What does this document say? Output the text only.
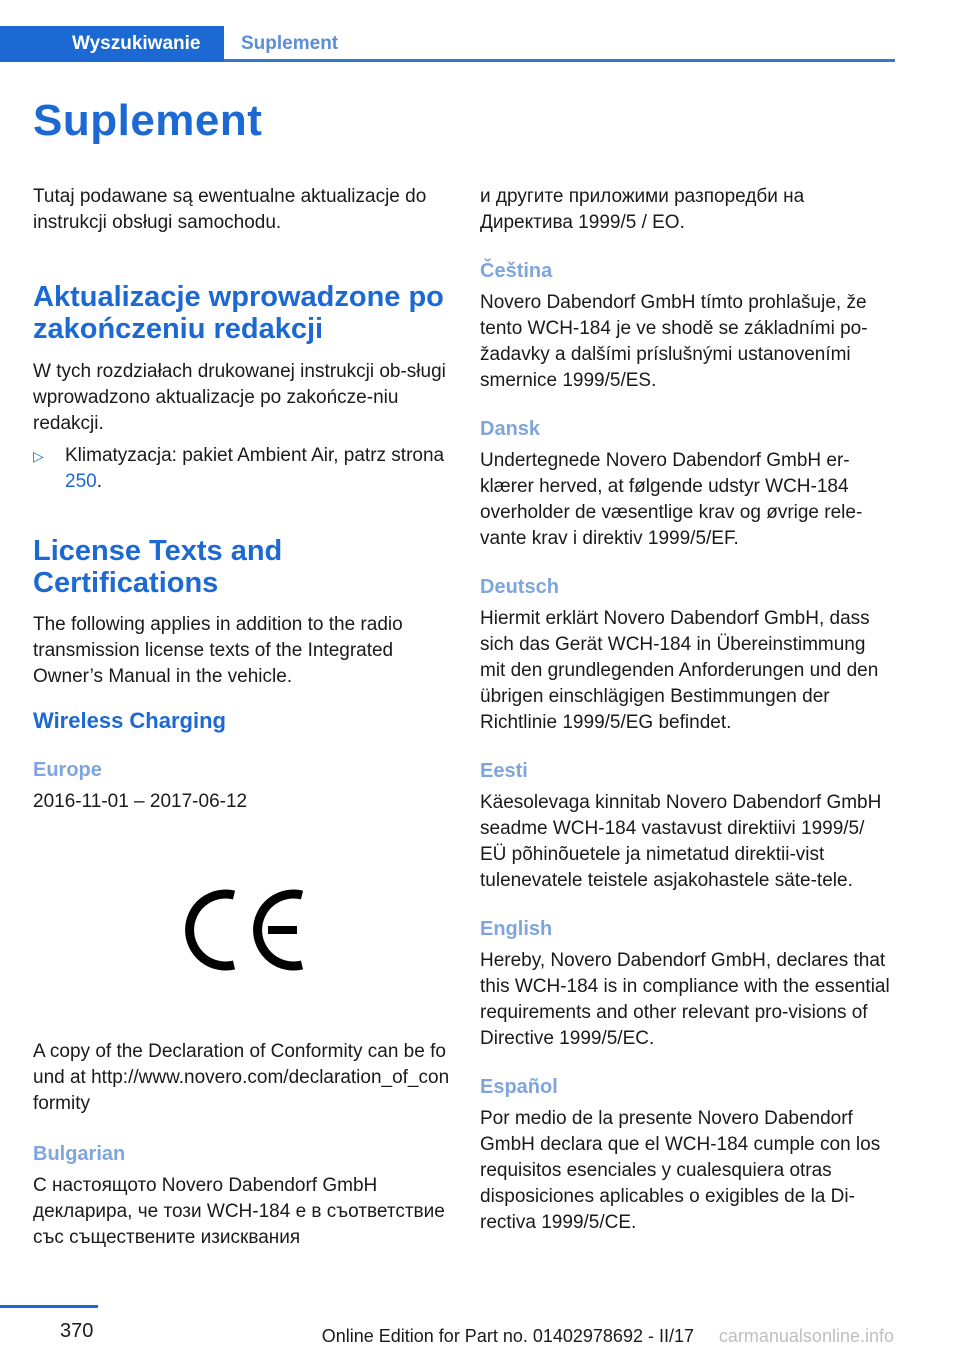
Wyszukiwanie	Suplement
Suplement

Tutaj podawane są ewentualne aktualizacje do instrukcji obsługi samochodu.

Aktualizacje wprowadzone po zakończeniu redakcji

W tych rozdziałach drukowanej instrukcji ob-sługi wprowadzono aktualizacje po zakończe-niu redakcji.

▷	Klimatyzacja: pakiet Ambient Air, patrz strona 250.
License Texts and Certifications

The following applies in addition to the radio transmission license texts of the Integrated Owner’s Manual in the vehicle.

Wireless Charging
Europe

2016-11-01 – 2017-06-12

A copy of the Declaration of Conformity can be found at http://www.novero.com/declaration_of_conformity

Bulgarian

С настоящото Novero Dabendorf GmbH декларира, че този WCH-184 е в съответствие със съществените изисквания

и другите приложими разпоредби на Директива 1999/5 / ЕО.

Čeština

Novero Dabendorf GmbH tímto prohlašuje, že tento WCH-184 je ve shodě se základními po-žadavky a dalšími príslušnými ustanoveními smernice 1999/5/ES.

Dansk

Undertegnede Novero Dabendorf GmbH er-klærer herved, at følgende udstyr WCH-184 overholder de væsentlige krav og øvrige rele-vante krav i direktiv 1999/5/EF.

Deutsch

Hiermit erklärt Novero Dabendorf GmbH, dass sich das Gerät WCH-184 in Übereinstimmung mit den grundlegenden Anforderungen und den übrigen einschlägigen Bestimmungen der Richtlinie 1999/5/EG befindet.

Eesti

Käesolevaga kinnitab Novero Dabendorf GmbH seadme WCH-184 vastavust direktiivi 1999/5/ EÜ põhinõuetele ja nimetatud direktii-vist tulenevatele teistele asjakohastele säte-tele.

English

Hereby, Novero Dabendorf GmbH, declares that this WCH-184 is in compliance with the essential requirements and other relevant pro-visions of Directive 1999/5/EC.

Español

Por medio de la presente Novero Dabendorf GmbH declara que el WCH-184 cumple con los requisitos esenciales y cualesquiera otras disposiciones aplicables o exigibles de la Di-rectiva 1999/5/CE.

370	Online Edition for Part no. 01402978692 - II/17 carmanualsonline.info
